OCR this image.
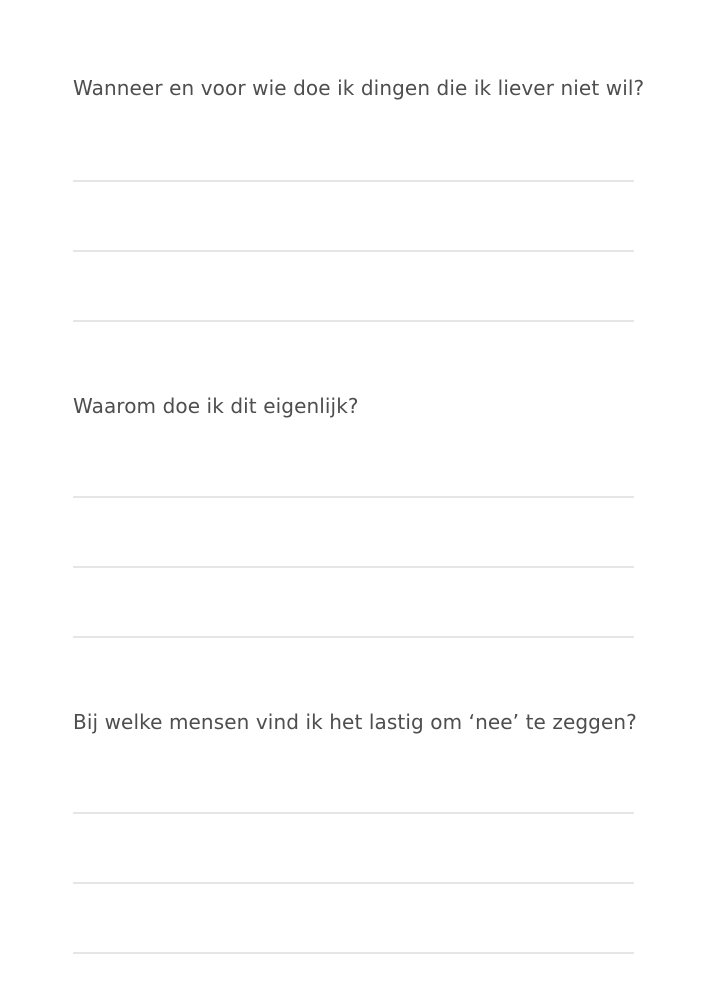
Wanneer en voor wie doe ik dingen die ik liever niet wil?
Waarom doe ik dit eigenlijk?
Bij welke mensen vind ik het lastig om ‘nee’ te zeggen?
